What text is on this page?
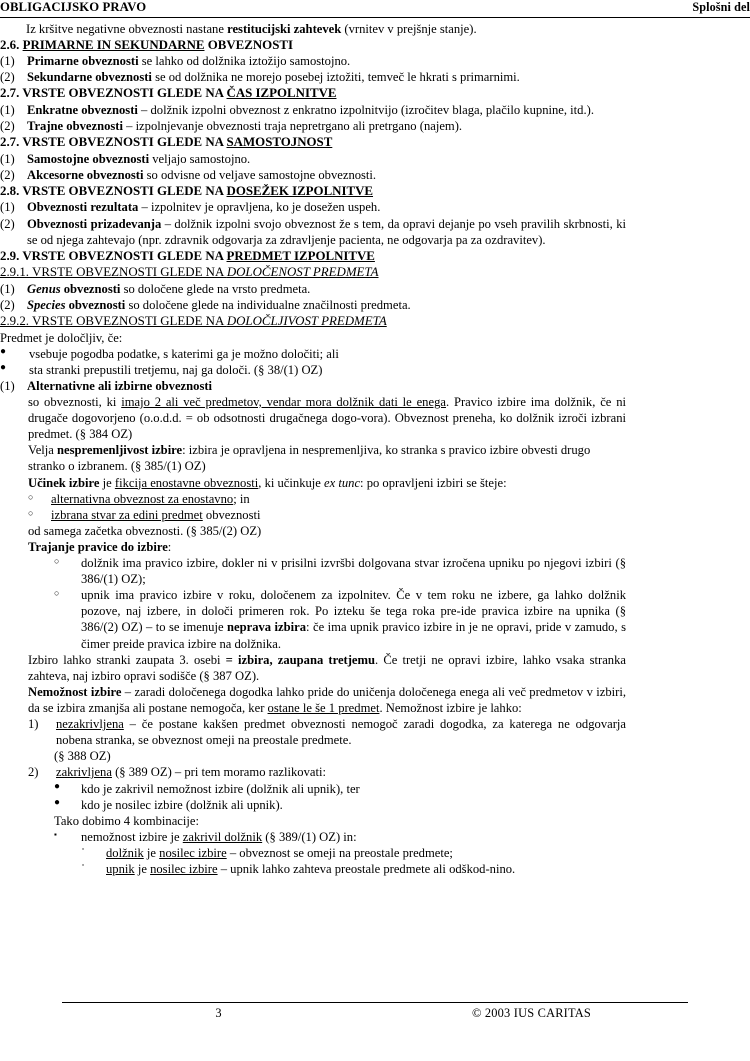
OBLIGACIJSKO PRAVO	Splošni del

Iz kršitve negativne obveznosti nastane restitucijski zahtevek (vrnitev v prejšnje stanje).

2.6. PRIMARNE IN SEKUNDARNE OBVEZNOSTI

(1) Primarne obveznosti se lahko od dolžnika iztožijo samostojno.
(2) Sekundarne obveznosti se od dolžnika ne morejo posebej iztožiti, temveč le hkrati s primarnimi.

2.7. VRSTE OBVEZNOSTI GLEDE NA ČAS IZPOLNITVE

(1) Enkratne obveznosti – dolžnik izpolni obveznost z enkratno izpolnitvijo (izročitev blaga, plačilo kupnine, itd.).
(2) Trajne obveznosti – izpolnjevanje obveznosti traja nepretrgano ali pretrgano (najem).

2.7. VRSTE OBVEZNOSTI GLEDE NA SAMOSTOJNOST

(1) Samostojne obveznosti veljajo samostojno.
(2) Akcesorne obveznosti so odvisne od veljave samostojne obveznosti.

2.8. VRSTE OBVEZNOSTI GLEDE NA DOSEŽEK IZPOLNITVE

(1) Obveznosti rezultata – izpolnitev je opravljena, ko je dosežen uspeh.
(2) Obveznosti prizadevanja – dolžnik izpolni svojo obveznost že s tem, da opravi dejanje po vseh pravilih skrbnosti, ki se od njega zahtevajo (npr. zdravnik odgovarja za zdravljenje pacienta, ne odgovarja pa za ozdravitev).

2.9. VRSTE OBVEZNOSTI GLEDE NA PREDMET IZPOLNITVE

2.9.1. VRSTE OBVEZNOSTI GLEDE NA DOLOČENOST PREDMETA

(1) Genus obveznosti so določene glede na vrsto predmeta.
(2) Species obveznosti so določene glede na individualne značilnosti predmeta.

2.9.2. VRSTE OBVEZNOSTI GLEDE NA DOLOČLJIVOST PREDMETA

Predmet je določljiv, če:

●	vsebuje pogodba podatke, s katerimi ga je možno določiti; ali
●	sta stranki prepustili tretjemu, naj ga določi. (§ 38/(1) OZ)
(1) Alternativne ali izbirne obveznosti

so obveznosti, ki imajo 2 ali več predmetov, vendar mora dolžnik dati le enega. Pravico izbire ima dolžnik, če ni drugače dogovorjeno (o.o.d.d. = ob odsotnosti drugačnega dogo-vora). Obveznost preneha, ko dolžnik izroči izbrani predmet. (§ 384 OZ)

Velja nespremenljivost izbire: izbira je opravljena in nespremenljiva, ko stranka s pravico izbire obvesti drugo stranko o izbranem. (§ 385/(1) OZ)

Učinek izbire je fikcija enostavne obveznosti, ki učinkuje ex tunc: po opravljeni izbiri se šteje:

○	alternativna obveznost za enostavno; in
○	izbrana stvar za edini predmet obveznosti

od samega začetka obveznosti. (§ 385/(2) OZ)

Trajanje pravice do izbire:

○	dolžnik ima pravico izbire, dokler ni v prisilni izvršbi dolgovana stvar izročena upniku po njegovi izbiri (§ 386/(1) OZ);
○	upnik ima pravico izbire v roku, določenem za izpolnitev. Če v tem roku ne izbere, ga lahko dolžnik pozove, naj izbere, in določi primeren rok. Po izteku še tega roka pre-ide pravica izbire na upnika (§ 386/(2) OZ) – to se imenuje neprava izbira: če ima upnik pravico izbire in je ne opravi, pride v zamudo, s čimer preide pravica izbire na dolžnika.

Izbiro lahko stranki zaupata 3. osebi = izbira, zaupana tretjemu. Če tretji ne opravi izbire, lahko vsaka stranka zahteva, naj izbiro opravi sodišče (§ 387 OZ).

Nemožnost izbire – zaradi določenega dogodka lahko pride do uničenja določenega enega ali več predmetov v izbiri, da se izbira zmanjša ali postane nemogoča, ker ostane le še 1 predmet. Nemožnost izbire je lahko:

1)	nezakrivljena – če postane kakšen predmet obveznosti nemogoč zaradi dogodka, za katerega ne odgovarja nobena stranka, se obveznost omeji na preostale predmete.

(§ 388 OZ)

2)	zakrivljena (§ 389 OZ) – pri tem moramo razlikovati:
●	kdo je zakrivil nemožnost izbire (dolžnik ali upnik), ter
●	kdo je nosilec izbire (dolžnik ali upnik).

Tako dobimo 4 kombinacije:

▪	nemožnost izbire je zakrivil dolžnik (§ 389/(1) OZ) in:
▫	dolžnik je nosilec izbire – obveznost se omeji na preostale predmete;
▫	upnik je nosilec izbire – upnik lahko zahteva preostale predmete ali odškod-nino.
3	© 2003 IUS CARITAS
